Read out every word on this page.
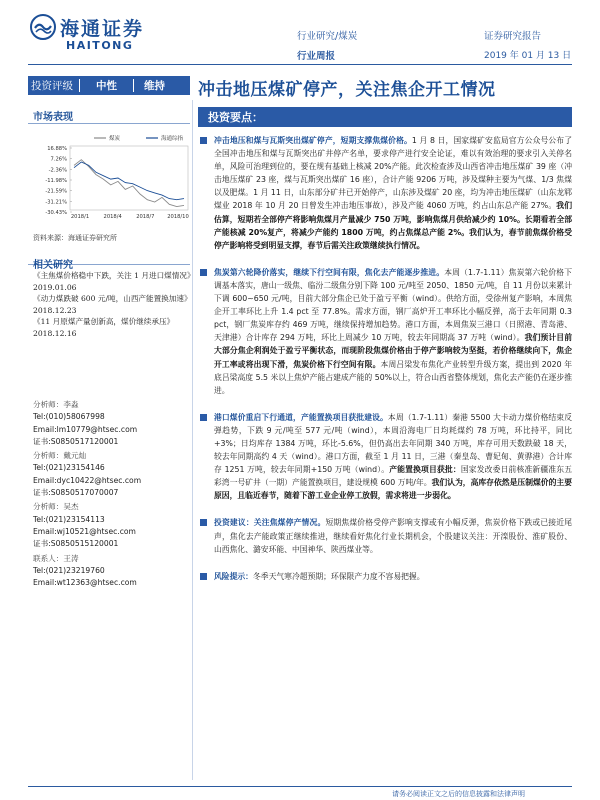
海通证券
HAITONG
行业研究/煤炭
行业周报
证券研究报告
2019 年 01 月 13 日
投资评级	中性	维持	冲击地压煤矿停产，关注焦企开工情况
市场表现
16.88%
7.26%
-2.36%
-11.98%
-21.59%
-31.21%
-30.43%
2018/1	2018/4	2018/7 2018/10
煤炭	海通综指
资料来源：海通证券研究所
相关研究
《主焦煤价格稳中下跌，关注 1 月进口煤情况》2019.01.06
《动力煤跌破 600 元/吨，山西产能置换加速》2018.12.23
《11 月原煤产量创新高，煤价继续承压》2018.12.16
分析师：李淼
Tel:(010)58067998
Email:lm10779@htsec.com
证书:S0850517120001
分析师：戴元灿
Tel:(021)23154146
Email:dyc10422@htsec.com
证书:S0850517070007
分析师：吴杰
Tel:(021)23154113
Email:wj10521@htsec.com
证书:S0850515120001
联系人：王涛
Tel:(021)23219760
Email:wt12363@htsec.com
投资要点：
冲击地压和煤与瓦斯突出煤矿停产，短期支撑焦煤价格。1 月 8 日，国家煤矿安监局官方公众号公布了全国冲击地压和煤与瓦斯突出矿井停产名单，要求停产进行安全论证，难以有效治理的要求引入关停名单，风险可治理到位的，要在规有基础上核减 20%产能。此次检查涉及山西省冲击地压煤矿 39 座（冲击地压煤矿 23 座，煤与瓦斯突出煤矿 16 座），合计产能 9206 万吨，涉及煤种主要为气煤、1/3 焦煤以及肥煤。1 月 11 日，山东部分矿井已开始停产，山东涉及煤矿 20 座，均为冲击地压煤矿（山东龙郓煤业 2018 年 10 月 20 日曾发生冲击地压事故），涉及产能 4060 万吨，约占山东总产能 27%。我们估算，短期若全部停产将影响焦煤月产量减少 750 万吨，影响焦煤月供给减少约 10%。长期看若全部产能核减 20%复产，将减少产能约 1800 万吨，约占焦煤总产能 2%。我们认为，春节前焦煤价格受停产影响将受到明显支撑，春节后需关注政策继续执行情况。
焦炭第六轮降价落实，继续下行空间有限，焦化去产能逐步推进。本周（1.7-1.11）焦炭第六轮价格下调基本落实，唐山一级焦、临汾二级焦分别下降 100 元/吨至 2050、1850 元/吨，自 11 月份以来累计下调 600~650 元/吨，目前大部分焦企已处于盈亏平衡（wind）。供给方面，受徐州复产影响，本周焦企开工率环比上升 1.4 pct 至 77.8%。需求方面，钢厂高炉开工率环比小幅反弹，高于去年同期 0.3 pct，钢厂焦炭库存约 469 万吨，继续保持增加趋势。港口方面，本周焦炭三港口（日照港、青岛港、天津港）合计库存 294 万吨，环比上周减少 10 万吨，较去年同期高 37 万吨（wind）。我们预计目前大部分焦企利润处于盈亏平衡状态，而现阶段焦煤价格由于停产影响较为坚挺，若价格继续向下，焦企开工率或将出现下滑，焦炭价格下行空间有限。本周吕梁发布焦化产业转型升级方案，提出到 2020 年底吕梁高度 5.5 米以上焦炉产能占建成产能的 50%以上，符合山西省整体规划，焦化去产能仍在逐步推进。
港口煤价重启下行通道，产能置换项目获批建设。本周（1.7-1.11）秦港 5500 大卡动力煤价格结束反弹趋势，下跌 9 元/吨至 577 元/吨（wind），本周沿海电厂日均耗煤约 78 万吨，环比持平，同比+3%；日均库存 1384 万吨，环比-5.6%，但仍高出去年同期 340 万吨，库存可用天数跌破 18 天，较去年同期高约 4 天（wind）。港口方面，截至 1 月 11 日，三港（秦皇岛、曹妃甸、黄骅港）合计库存 1251 万吨，较去年同期+150 万吨（wind）。产能置换项目获批：国家发改委日前核准新疆准东五彩湾一号矿井（一期）产能置换项目，建设规模 600 万吨/年。我们认为，高库存依然是压制煤价的主要原因，且临近春节，随着下游工业企业停工放假，需求将进一步弱化。
投资建议：关注焦煤停产情况。短期焦煤价格受停产影响支撑或有小幅反弹，焦炭价格下跌或已接近尾声，焦化去产能政策正继续推进，继续看好焦化行业长期机会，个股建议关注：开滦股份、淮矿股份、山西焦化、潞安环能、中国神华、陕西煤业等。
风险提示：冬季天气寒冷超预期；环保限产力度不容易把握。
请务必阅读正文之后的信息披露和法律声明
